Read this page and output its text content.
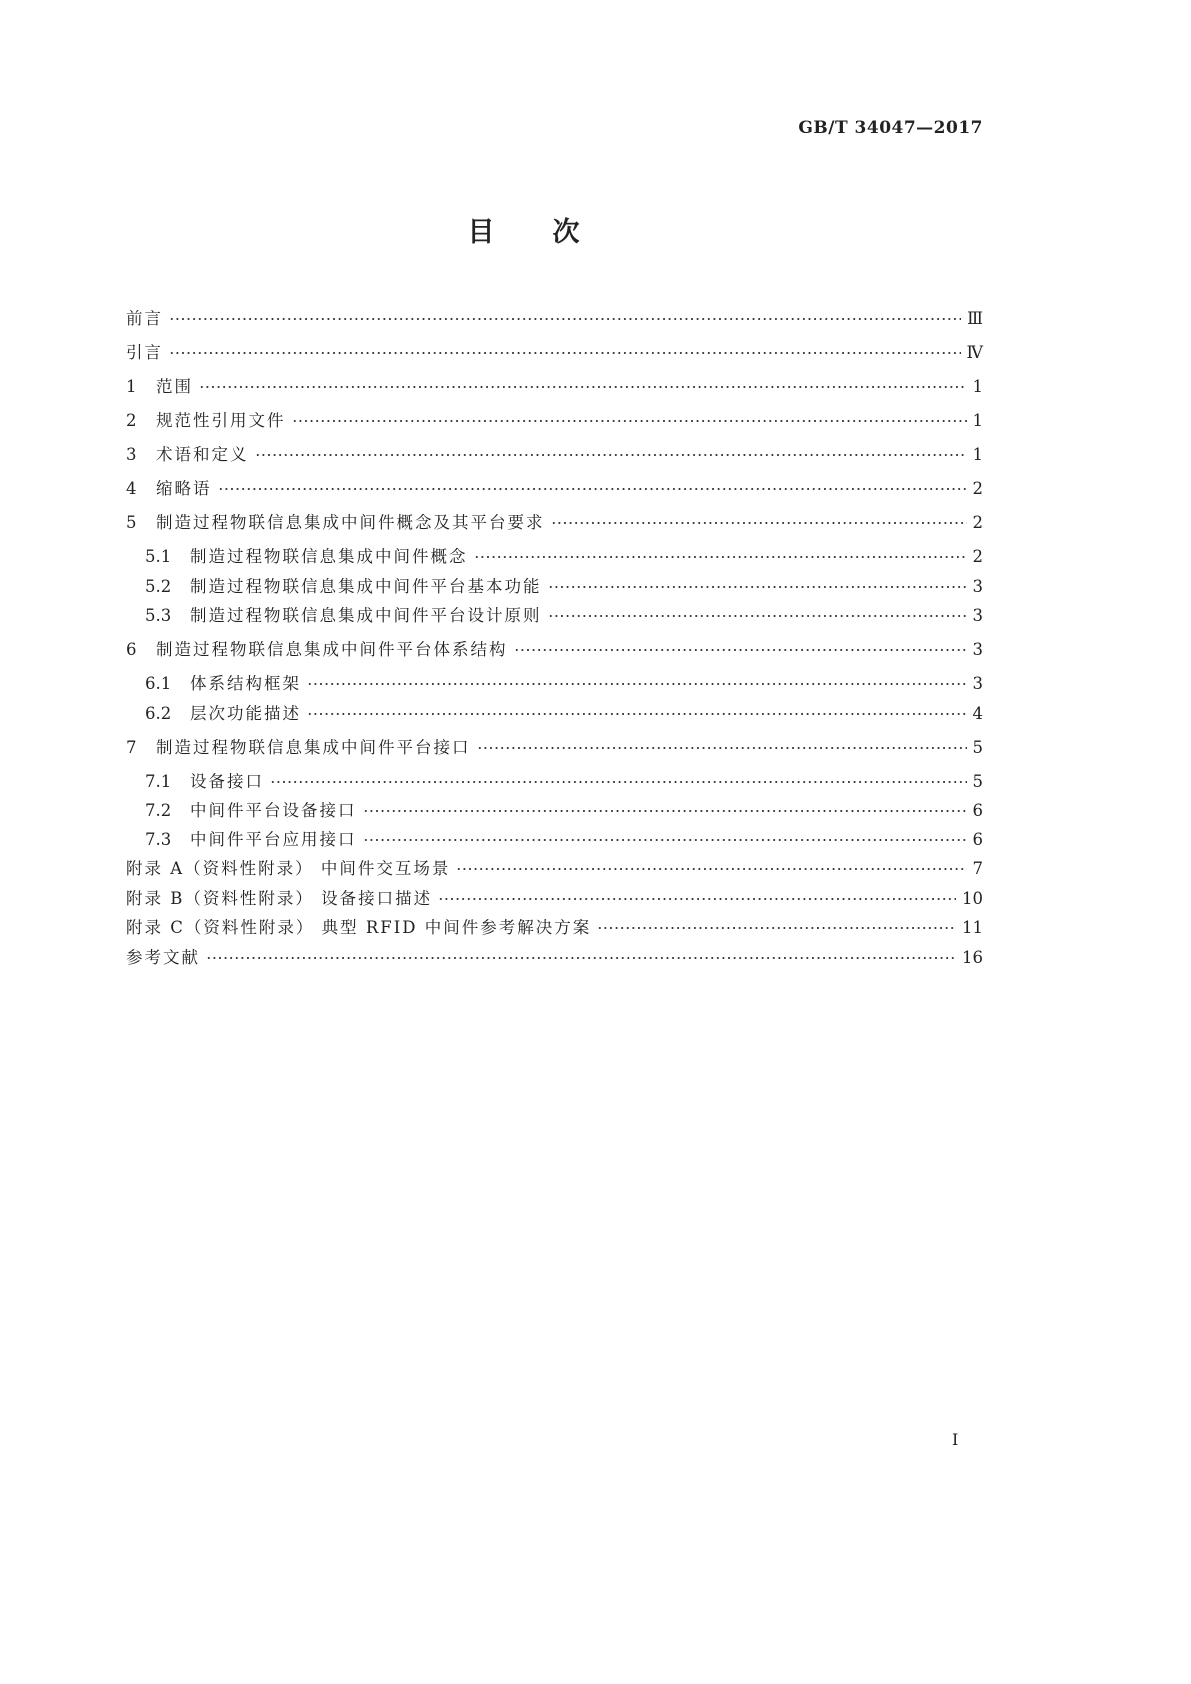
GB/T 34047—2017
目次
前言	Ⅲ
引言	Ⅳ
1	范围	1
2	规范性引用文件	1
3	术语和定义	1
4	缩略语	2
5	制造过程物联信息集成中间件概念及其平台要求	2
5.1	制造过程物联信息集成中间件概念	2
5.2	制造过程物联信息集成中间件平台基本功能	3
5.3	制造过程物联信息集成中间件平台设计原则	3
6	制造过程物联信息集成中间件平台体系结构	3
6.1	体系结构框架	3
6.2	层次功能描述	4
7	制造过程物联信息集成中间件平台接口	5
7.1	设备接口	5
7.2	中间件平台设备接口	6
7.3	中间件平台应用接口	6
附录 A（资料性附录） 中间件交互场景	7
附录 B（资料性附录） 设备接口描述	10
附录 C（资料性附录） 典型 RFID 中间件参考解决方案	11
参考文献	16
I
